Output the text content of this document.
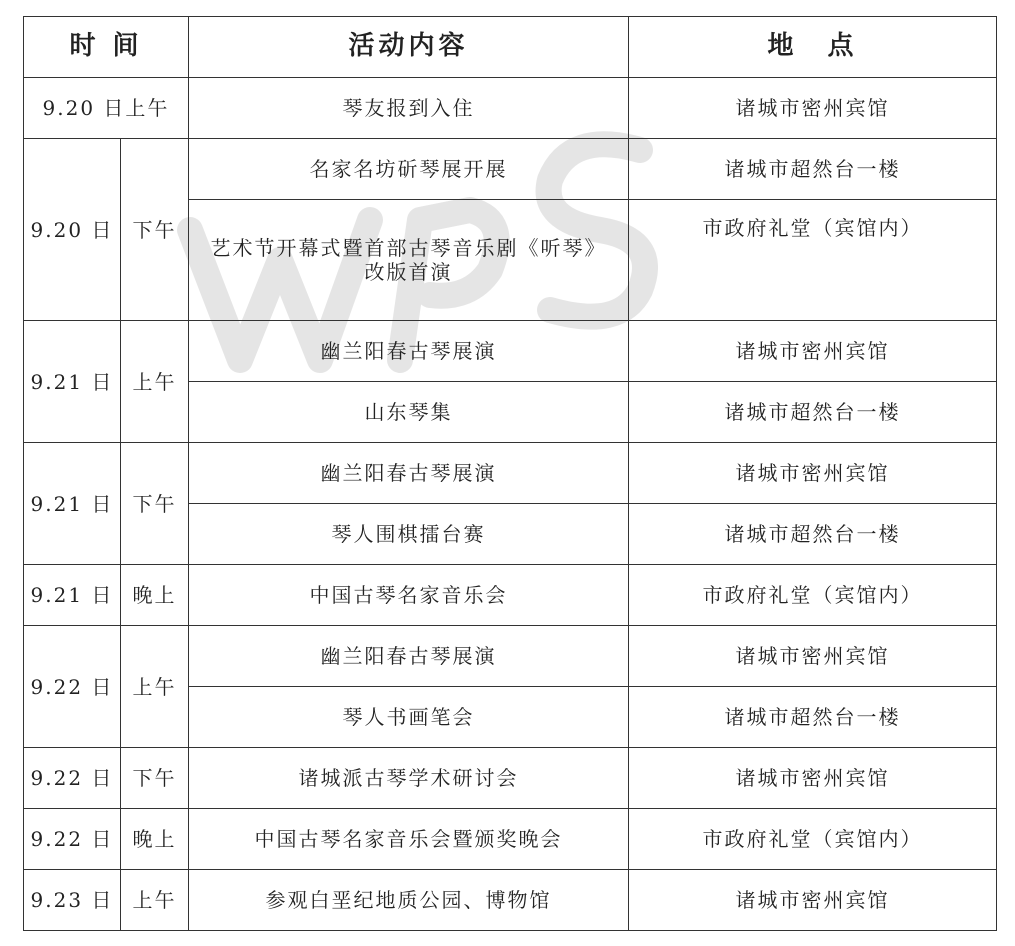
时 间		活动内容	地　点
9.20 日上午		琴友报到入住	诸城市密州宾馆
9.20 日	下午	名家名坊斫琴展开展	诸城市超然台一楼
		艺术节开幕式暨首部古琴音乐剧《听琴》改版首演	市政府礼堂（宾馆内）
9.21 日	上午	幽兰阳春古琴展演	诸城市密州宾馆
		山东琴集	诸城市超然台一楼
9.21 日	下午	幽兰阳春古琴展演	诸城市密州宾馆
		琴人围棋擂台赛	诸城市超然台一楼
9.21 日	晚上	中国古琴名家音乐会	市政府礼堂（宾馆内）
9.22 日	上午	幽兰阳春古琴展演	诸城市密州宾馆
		琴人书画笔会	诸城市超然台一楼
9.22 日	下午	诸城派古琴学术研讨会	诸城市密州宾馆
9.22 日	晚上	中国古琴名家音乐会暨颁奖晚会	市政府礼堂（宾馆内）
9.23 日	上午	参观白垩纪地质公园、博物馆	诸城市密州宾馆
